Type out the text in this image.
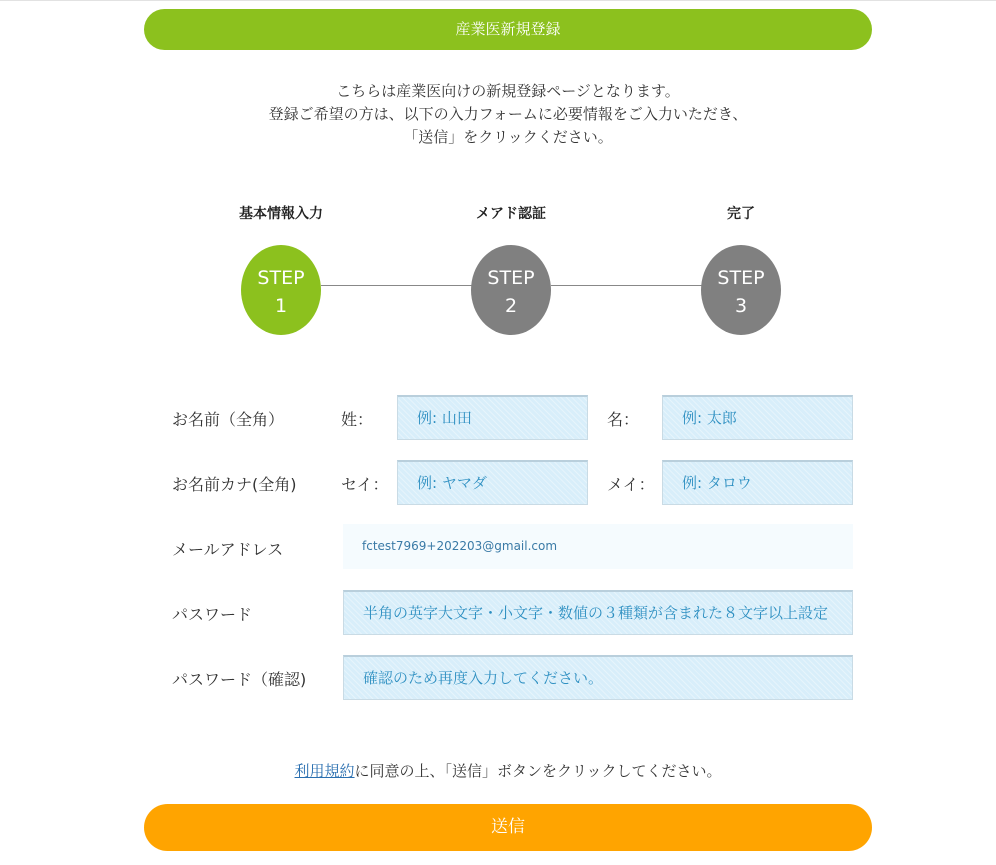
産業医新規登録
こちらは産業医向けの新規登録ページとなります。
登録ご希望の方は、以下の入力フォームに必要情報をご入力いただき、
「送信」をクリックください。
基本情報入力	メアド認証	完了
STEP
1
STEP
2
STEP
3
お名前（全角）	姓：	例: 山田	名：	例: 太郎
お名前カナ(全角)	セイ：	例: ヤマダ	メイ：	例: タロウ
メールアドレス	fctest7969+202203@gmail.com
パスワード	半角の英字大文字・小文字・数値の３種類が含まれた８文字以上設定
パスワード（確認)	確認のため再度入力してください。
利用規約に同意の上、「送信」ボタンをクリックしてください。
送信
